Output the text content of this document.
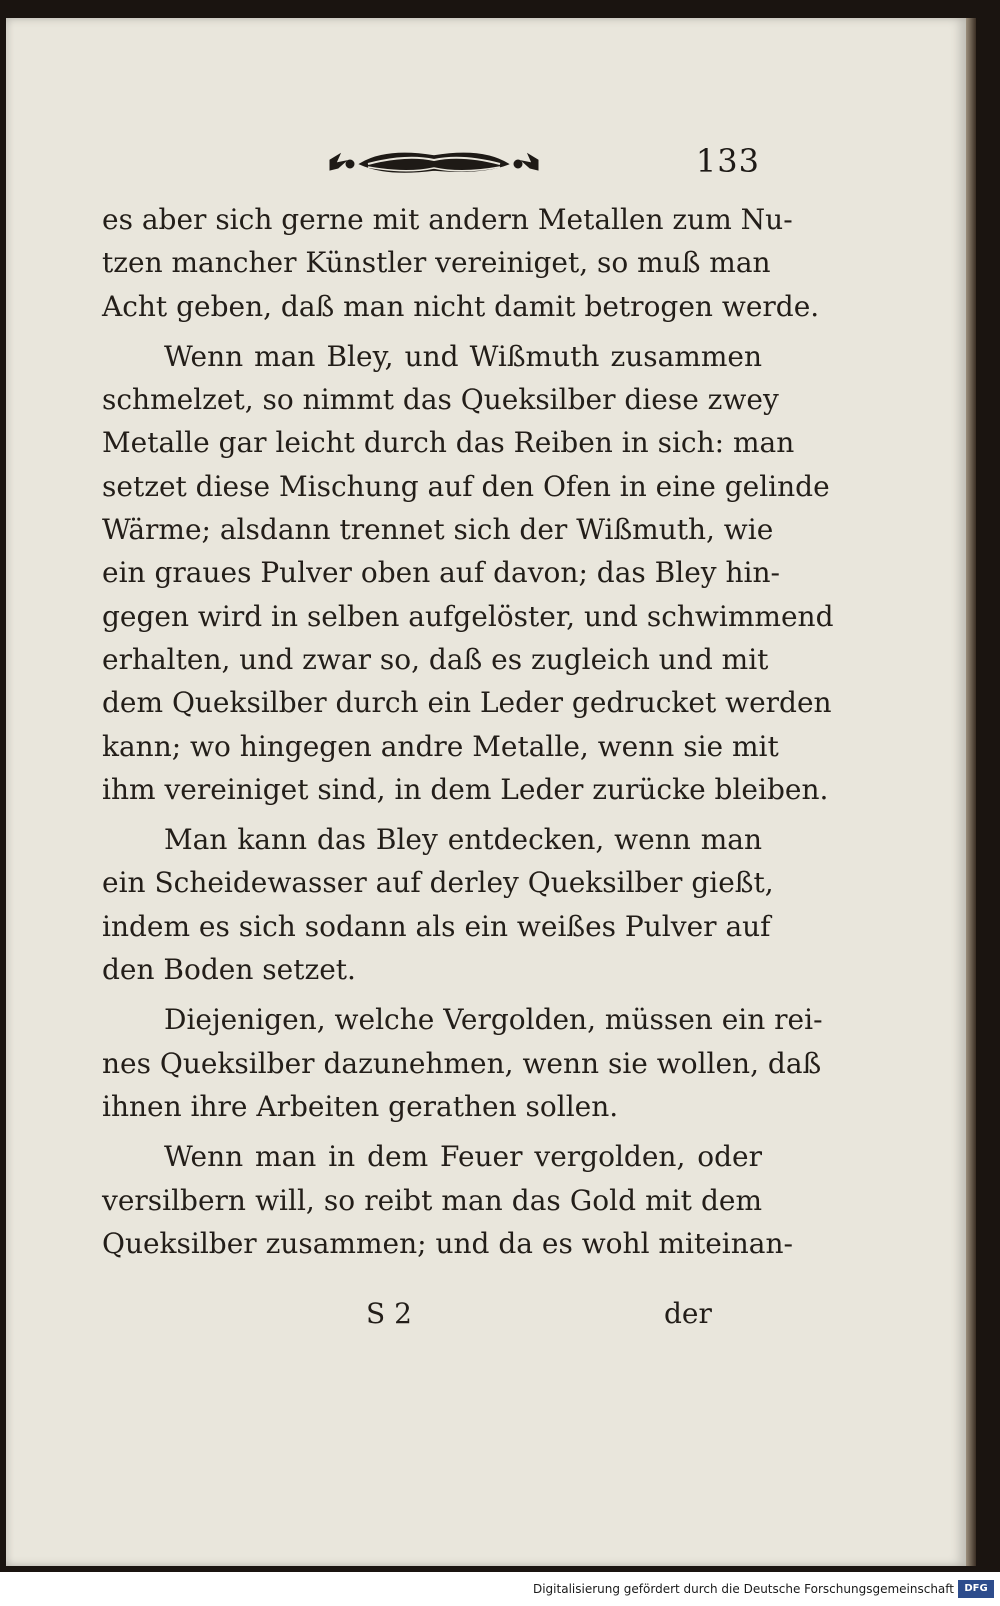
133
es aber sich gerne mit andern Metallen zum Nu-
tzen mancher Künstler vereiniget, so muß man
Acht geben, daß man nicht damit betrogen werde.
Wenn man Bley, und Wißmuth zusammen
schmelzet, so nimmt das Queksilber diese zwey
Metalle gar leicht durch das Reiben in sich: man
setzet diese Mischung auf den Ofen in eine gelinde
Wärme; alsdann trennet sich der Wißmuth, wie
ein graues Pulver oben auf davon; das Bley hin-
gegen wird in selben aufgelöster, und schwimmend
erhalten, und zwar so, daß es zugleich und mit
dem Queksilber durch ein Leder gedrucket werden
kann; wo hingegen andre Metalle, wenn sie mit
ihm vereiniget sind, in dem Leder zurücke bleiben.
Man kann das Bley entdecken, wenn man
ein Scheidewasser auf derley Queksilber gießt,
indem es sich sodann als ein weißes Pulver auf
den Boden setzet.
Diejenigen, welche Vergolden, müssen ein rei-
nes Queksilber dazunehmen, wenn sie wollen, daß
ihnen ihre Arbeiten gerathen sollen.
Wenn man in dem Feuer vergolden, oder
versilbern will, so reibt man das Gold mit dem
Queksilber zusammen; und da es wohl miteinan-
S 2	der
Digitalisierung gefördert durch die Deutsche Forschungsgemeinschaft	DFG
